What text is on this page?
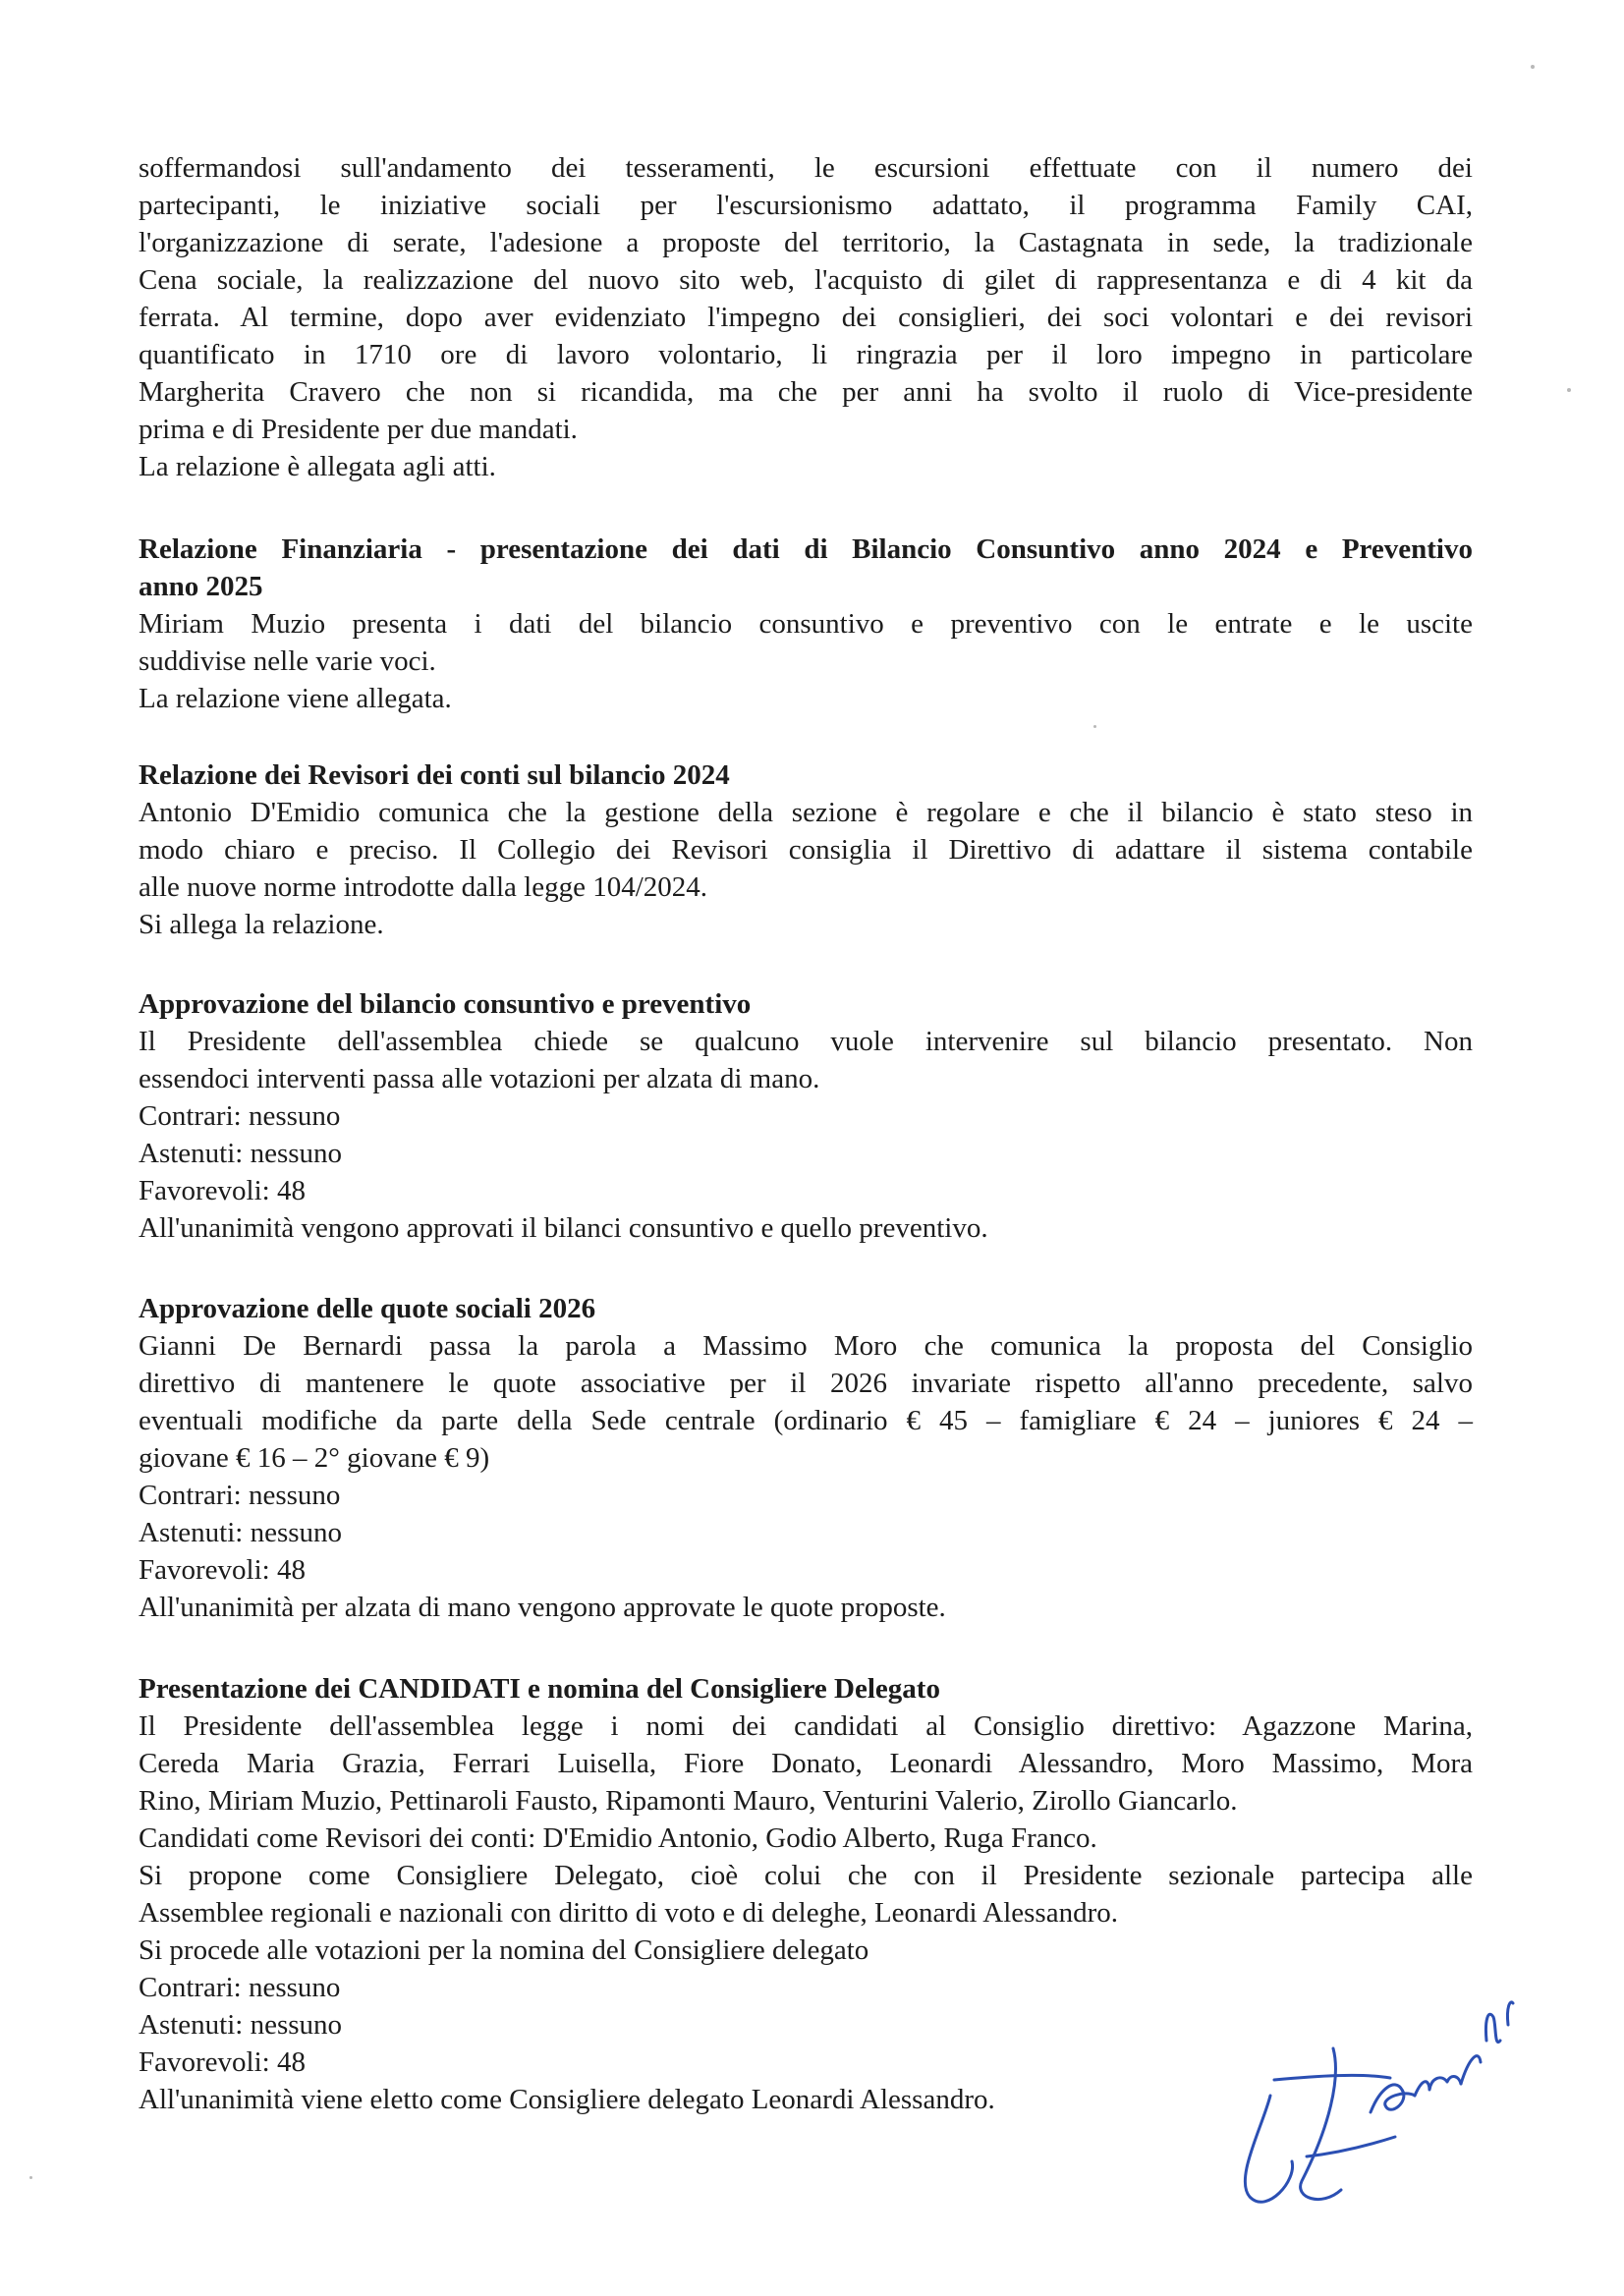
soffermandosi sull'andamento dei tesseramenti, le escursioni effettuate con il numero dei
partecipanti, le iniziative sociali per l'escursionismo adattato, il programma Family CAI,
l'organizzazione di serate, l'adesione a proposte del territorio, la Castagnata in sede, la tradizionale
Cena sociale, la realizzazione del nuovo sito web, l'acquisto di gilet di rappresentanza e di 4 kit da
ferrata. Al termine, dopo aver evidenziato l'impegno dei consiglieri, dei soci volontari e dei revisori
quantificato in 1710 ore di lavoro volontario, li ringrazia per il loro impegno in particolare
Margherita Cravero che non si ricandida, ma che per anni ha svolto il ruolo di Vice-presidente
prima e di Presidente per due mandati.
La relazione è allegata agli atti.
Relazione Finanziaria - presentazione dei dati di Bilancio Consuntivo anno 2024 e Preventivo
anno 2025
Miriam Muzio presenta i dati del bilancio consuntivo e preventivo con le entrate e le uscite
suddivise nelle varie voci.
La relazione viene allegata.
Relazione dei Revisori dei conti sul bilancio 2024
Antonio D'Emidio comunica che la gestione della sezione è regolare e che il bilancio è stato steso in
modo chiaro e preciso. Il Collegio dei Revisori consiglia il Direttivo di adattare il sistema contabile
alle nuove norme introdotte dalla legge 104/2024.
Si allega la relazione.
Approvazione del bilancio consuntivo e preventivo
Il Presidente dell'assemblea chiede se qualcuno vuole intervenire sul bilancio presentato. Non
essendoci interventi passa alle votazioni per alzata di mano.
Contrari: nessuno
Astenuti: nessuno
Favorevoli: 48
All'unanimità vengono approvati il bilanci consuntivo e quello preventivo.
Approvazione delle quote sociali 2026
Gianni De Bernardi passa la parola a Massimo Moro che comunica la proposta del Consiglio
direttivo di mantenere le quote associative per il 2026 invariate rispetto all'anno precedente, salvo
eventuali modifiche da parte della Sede centrale (ordinario € 45 – famigliare € 24 – juniores € 24 –
giovane € 16 – 2° giovane € 9)
Contrari: nessuno
Astenuti: nessuno
Favorevoli: 48
All'unanimità per alzata di mano vengono approvate le quote proposte.
Presentazione dei CANDIDATI e nomina del Consigliere Delegato
Il Presidente dell'assemblea legge i nomi dei candidati al Consiglio direttivo: Agazzone Marina,
Cereda Maria Grazia, Ferrari Luisella, Fiore Donato, Leonardi Alessandro, Moro Massimo, Mora
Rino, Miriam Muzio, Pettinaroli Fausto, Ripamonti Mauro, Venturini Valerio, Zirollo Giancarlo.
Candidati come Revisori dei conti: D'Emidio Antonio, Godio Alberto, Ruga Franco.
Si propone come Consigliere Delegato, cioè colui che con il Presidente sezionale partecipa alle
Assemblee regionali e nazionali con diritto di voto e di deleghe, Leonardi Alessandro.
Si procede alle votazioni per la nomina del Consigliere delegato
Contrari: nessuno
Astenuti: nessuno
Favorevoli: 48
All'unanimità viene eletto come Consigliere delegato Leonardi Alessandro.
